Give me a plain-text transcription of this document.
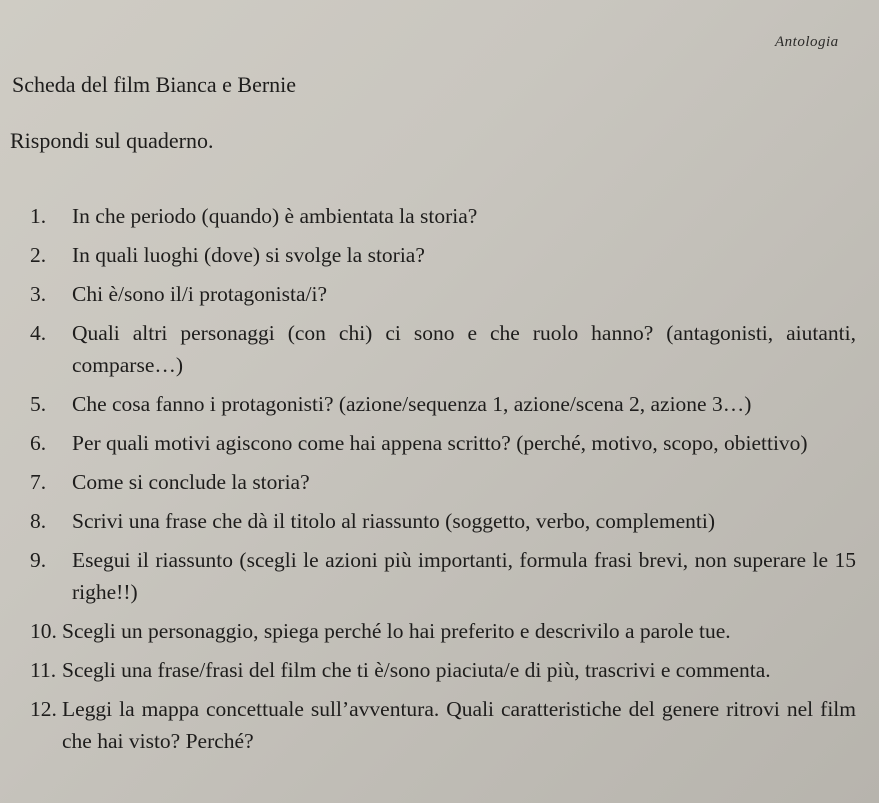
Antologia
Scheda del film Bianca e Bernie
Rispondi sul quaderno.
1.	In che periodo (quando) è ambientata la storia?
2.	In quali luoghi (dove) si svolge la storia?
3.	Chi è/sono il/i protagonista/i?
4.	Quali altri personaggi (con chi) ci sono e che ruolo hanno? (antagonisti, aiutanti, comparse…)
5.	Che cosa fanno i protagonisti? (azione/sequenza 1, azione/scena 2, azione 3…)
6.	Per quali motivi agiscono come hai appena scritto? (perché, motivo, scopo, obiettivo)
7.	Come si conclude la storia?
8.	Scrivi una frase che dà il titolo al riassunto (soggetto, verbo, complementi)
9.	Esegui il riassunto (scegli le azioni più importanti, formula frasi brevi, non superare le 15 righe!!)
10. Scegli un personaggio, spiega perché lo hai preferito e descrivilo a parole tue.
11. Scegli una frase/frasi del film che ti è/sono piaciuta/e di più, trascrivi e commenta.
12. Leggi la mappa concettuale sull’avventura. Quali caratteristiche del genere ritrovi nel film che hai visto? Perché?
